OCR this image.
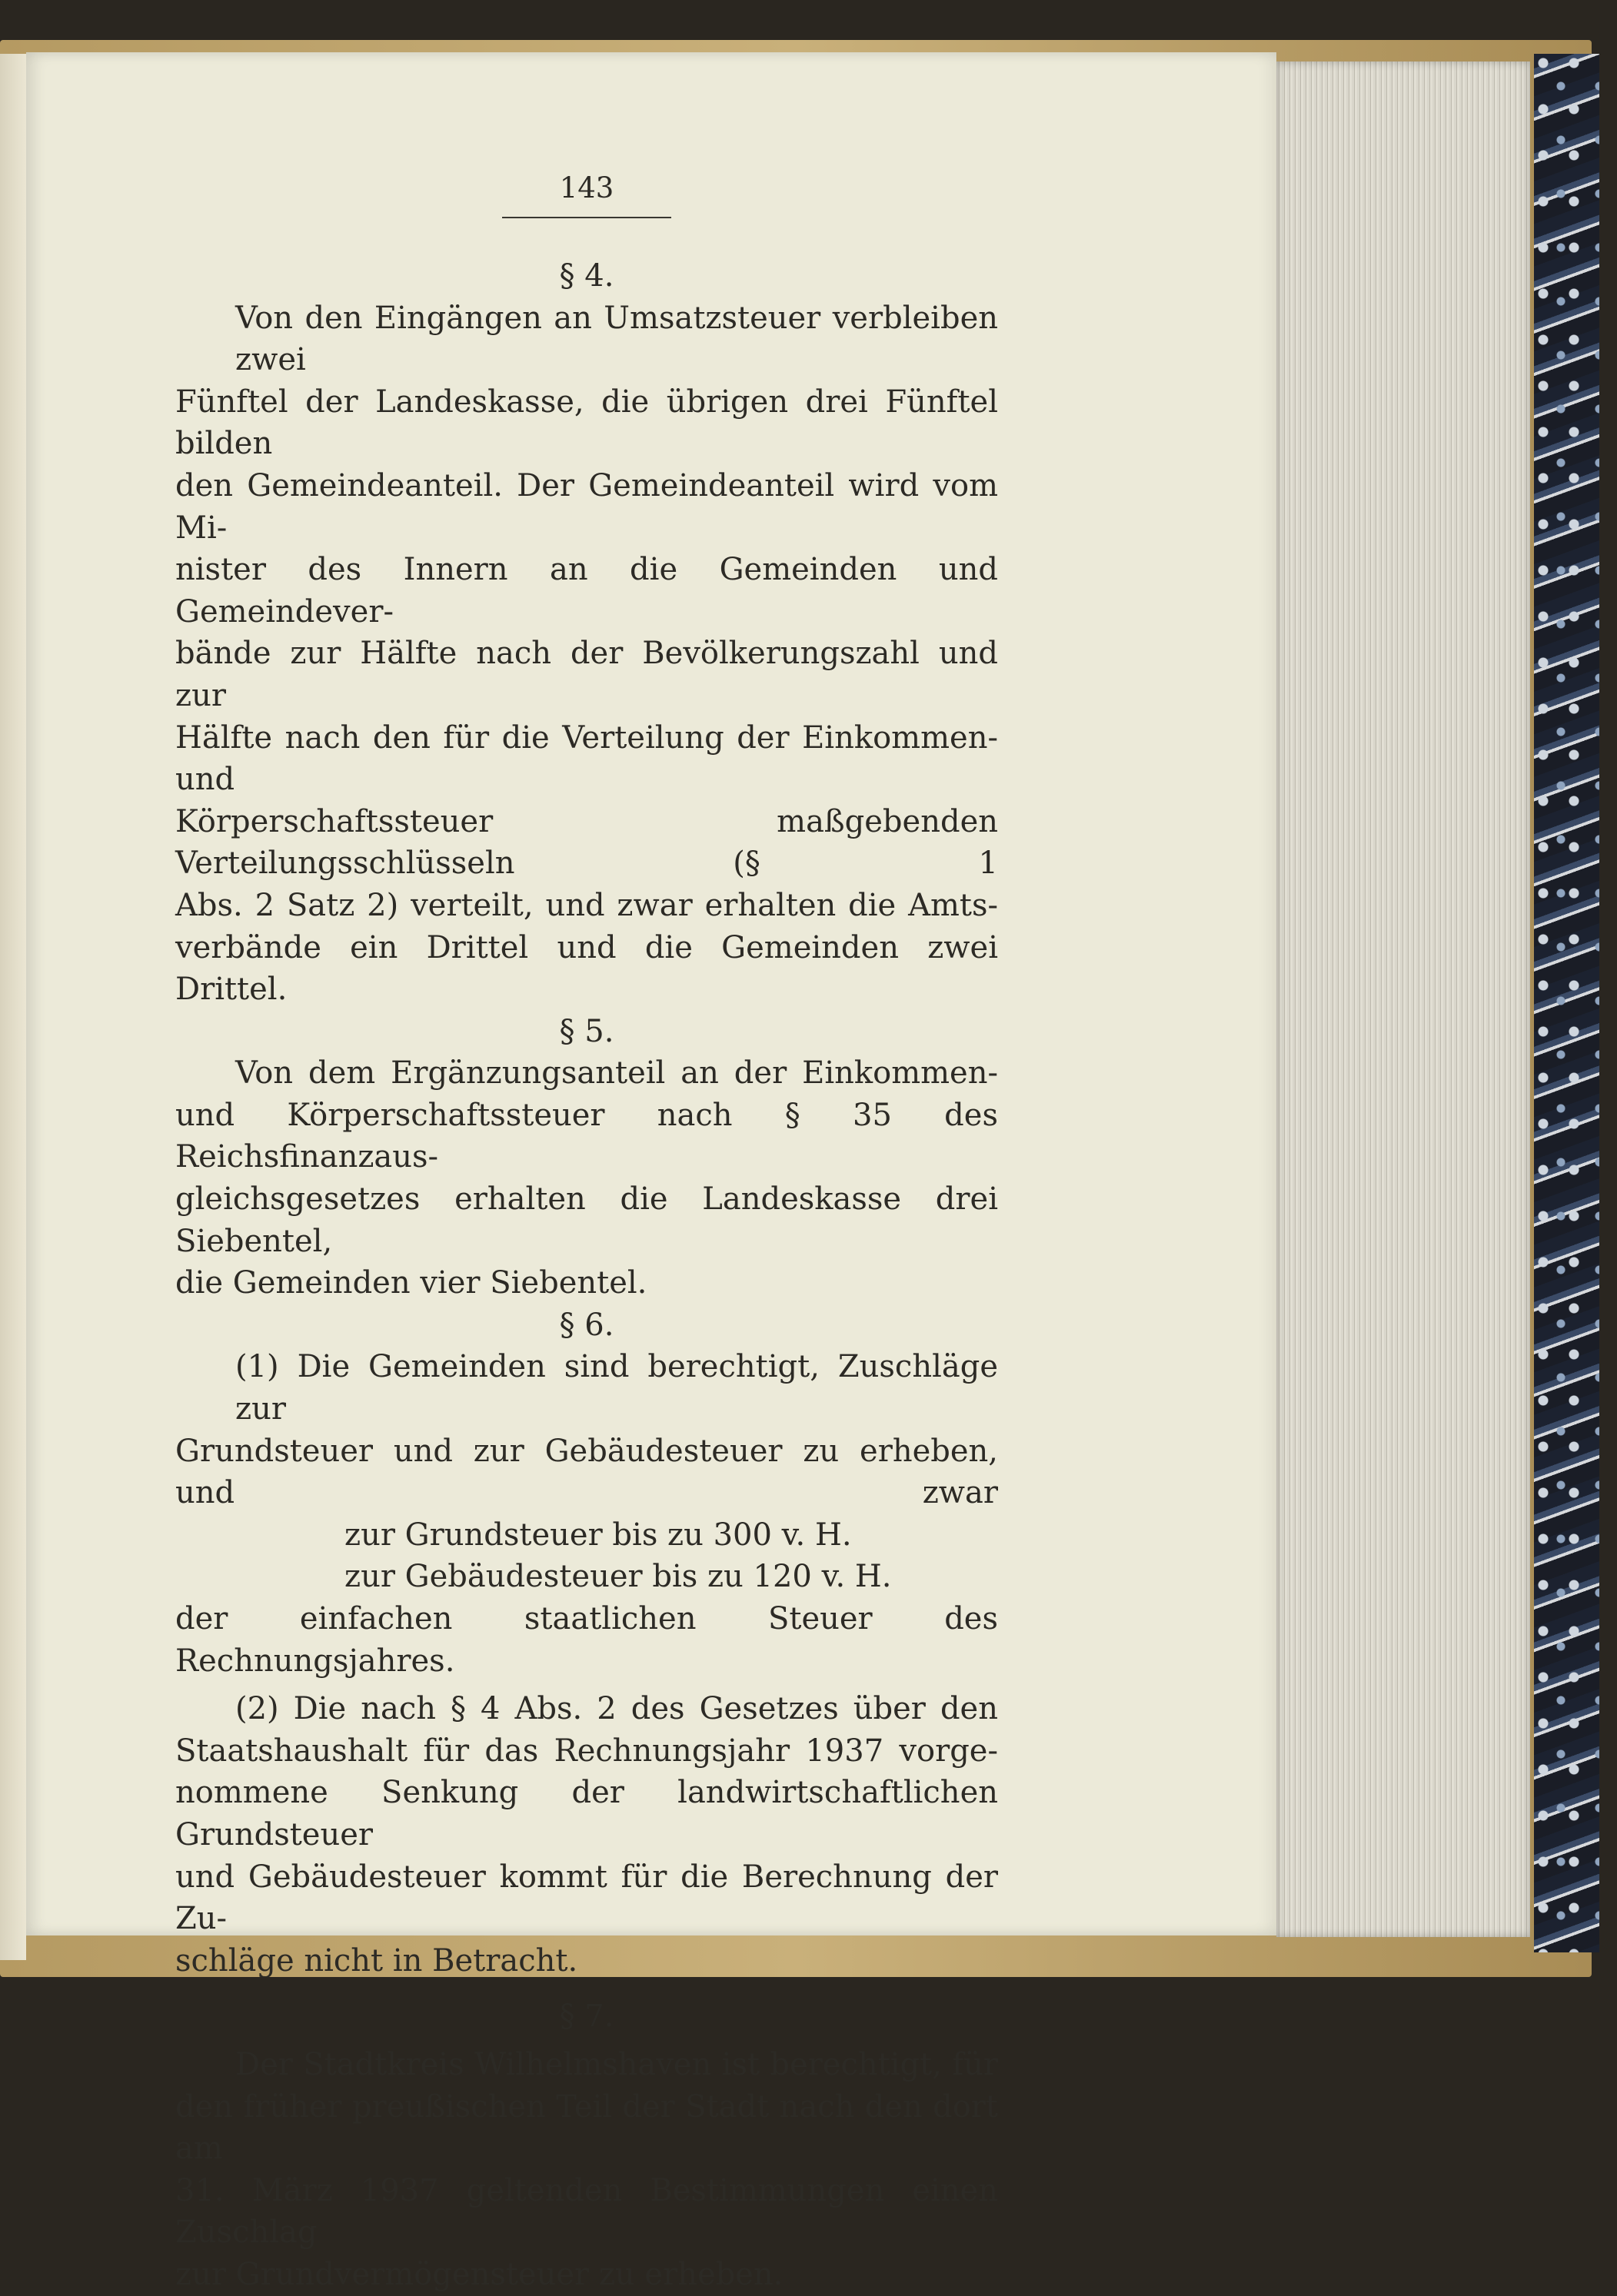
143
§ 4.
Von den Eingängen an Umsatzsteuer verbleiben zwei
Fünftel der Landeskasse, die übrigen drei Fünftel bilden
den Gemeindeanteil. Der Gemeindeanteil wird vom Mi-
nister des Innern an die Gemeinden und Gemeindever-
bände zur Hälfte nach der Bevölkerungszahl und zur
Hälfte nach den für die Verteilung der Einkommen- und
Körperschaftssteuer maßgebenden Verteilungsschlüsseln (§ 1
Abs. 2 Satz 2) verteilt, und zwar erhalten die Amts-
verbände ein Drittel und die Gemeinden zwei Drittel.
§ 5.
Von dem Ergänzungsanteil an der Einkommen-
und Körperschaftssteuer nach § 35 des Reichsfinanzaus-
gleichsgesetzes erhalten die Landeskasse drei Siebentel,
die Gemeinden vier Siebentel.
§ 6.
(1) Die Gemeinden sind berechtigt, Zuschläge zur
Grundsteuer und zur Gebäudesteuer zu erheben, und zwar
zur Grundsteuer bis zu 300 v. H.
zur Gebäudesteuer bis zu 120 v. H.
der einfachen staatlichen Steuer des Rechnungsjahres.
(2) Die nach § 4 Abs. 2 des Gesetzes über den
Staatshaushalt für das Rechnungsjahr 1937 vorge-
nommene Senkung der landwirtschaftlichen Grundsteuer
und Gebäudesteuer kommt für die Berechnung der Zu-
schläge nicht in Betracht.
§ 7.
Der Stadtkreis Wilhelmshaven ist berechtigt, für
den früher preußischen Teil der Stadt nach den dort am
31. März 1937 geltenden Bestimmungen einen Zuschlag
zur Grundvermögensteuer zu erheben.
